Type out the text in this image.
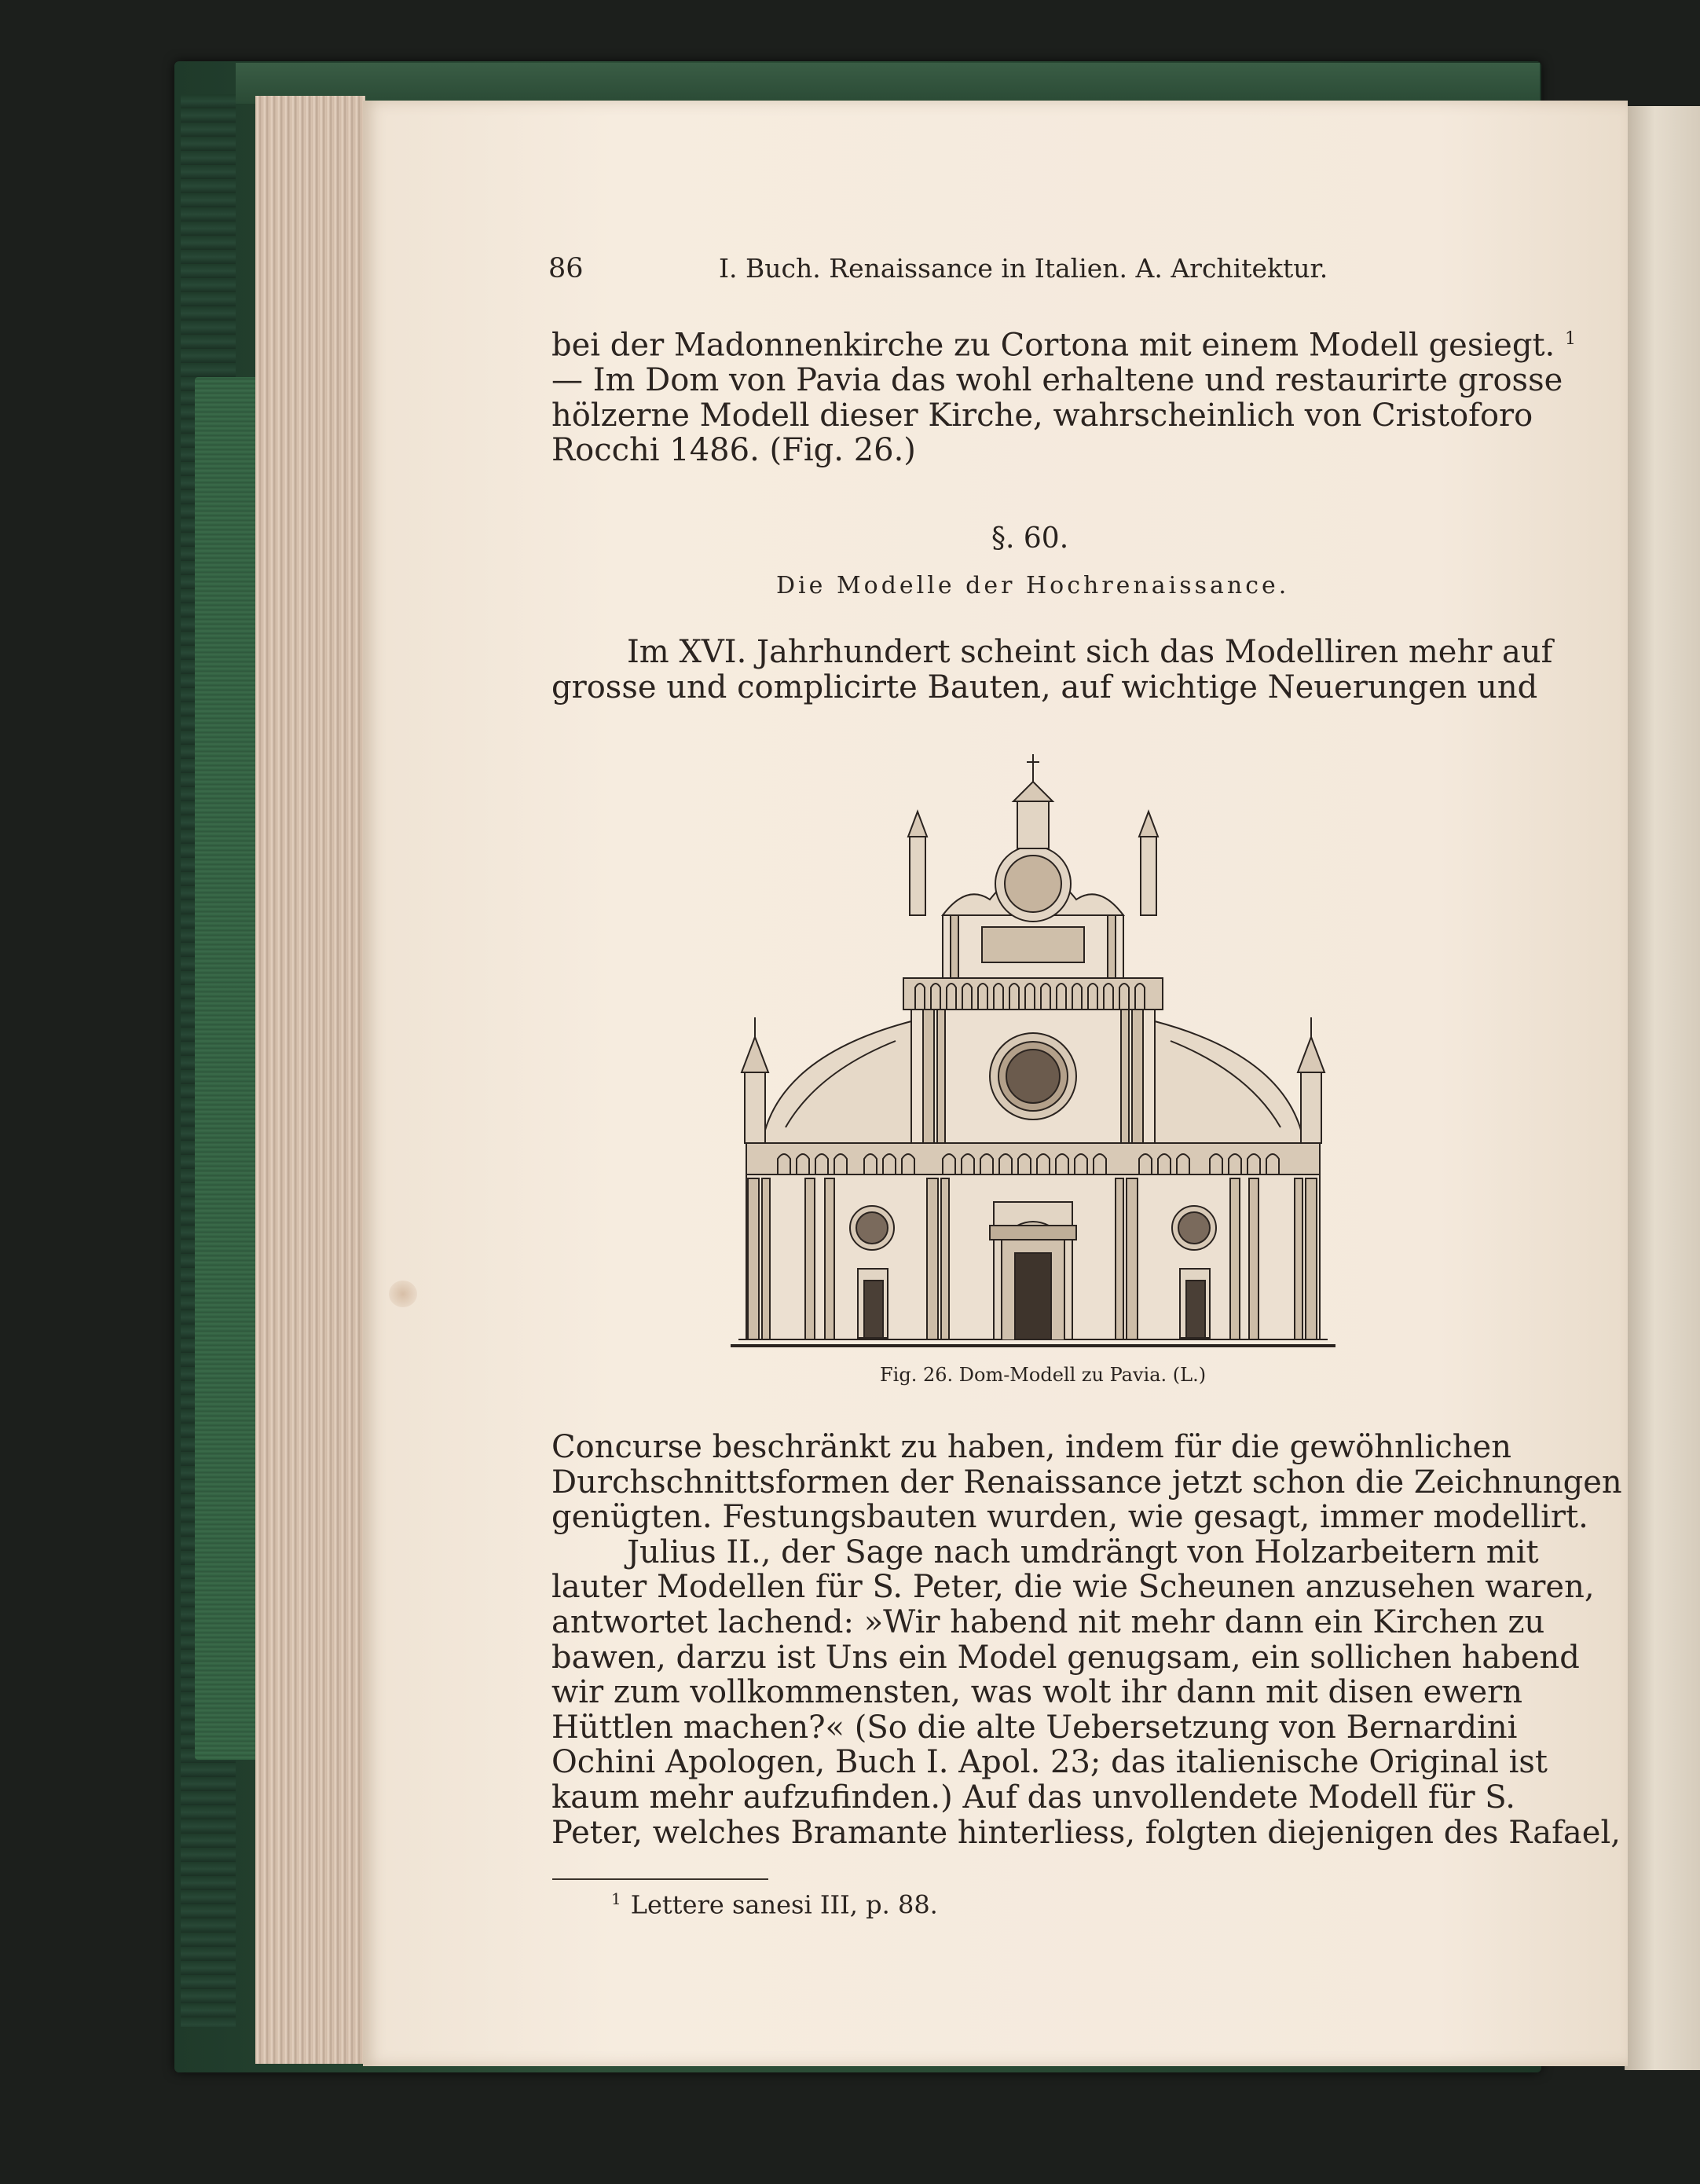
86	I. Buch. Renaissance in Italien. A. Architektur.
bei der Madonnenkirche zu Cortona mit einem Modell gesiegt. $^1$
— Im Dom von Pavia das wohl erhaltene und restaurirte grosse
hölzerne Modell dieser Kirche, wahrscheinlich von Cristoforo
Rocchi 1486. (Fig. 26.)
§. 60.
Die Modelle der Hochrenaissance.
Im XVI. Jahrhundert scheint sich das Modelliren mehr auf
grosse und complicirte Bauten, auf wichtige Neuerungen und
Fig. 26. Dom-Modell zu Pavia. (L.)
Concurse beschränkt zu haben, indem für die gewöhnlichen
Durchschnittsformen der Renaissance jetzt schon die Zeichnungen
genügten. Festungsbauten wurden, wie gesagt, immer modellirt.
Julius II., der Sage nach umdrängt von Holzarbeitern mit
lauter Modellen für S. Peter, die wie Scheunen anzusehen waren,
antwortet lachend: »Wir habend nit mehr dann ein Kirchen zu
bawen, darzu ist Uns ein Model genugsam, ein sollichen habend
wir zum vollkommensten, was wolt ihr dann mit disen ewern
Hüttlen machen?« (So die alte Uebersetzung von Bernardini
Ochini Apologen, Buch I. Apol. 23; das italienische Original ist
kaum mehr aufzufinden.) Auf das unvollendete Modell für S.
Peter, welches Bramante hinterliess, folgten diejenigen des Rafael,
$^1$ Lettere sanesi III, p. 88.
